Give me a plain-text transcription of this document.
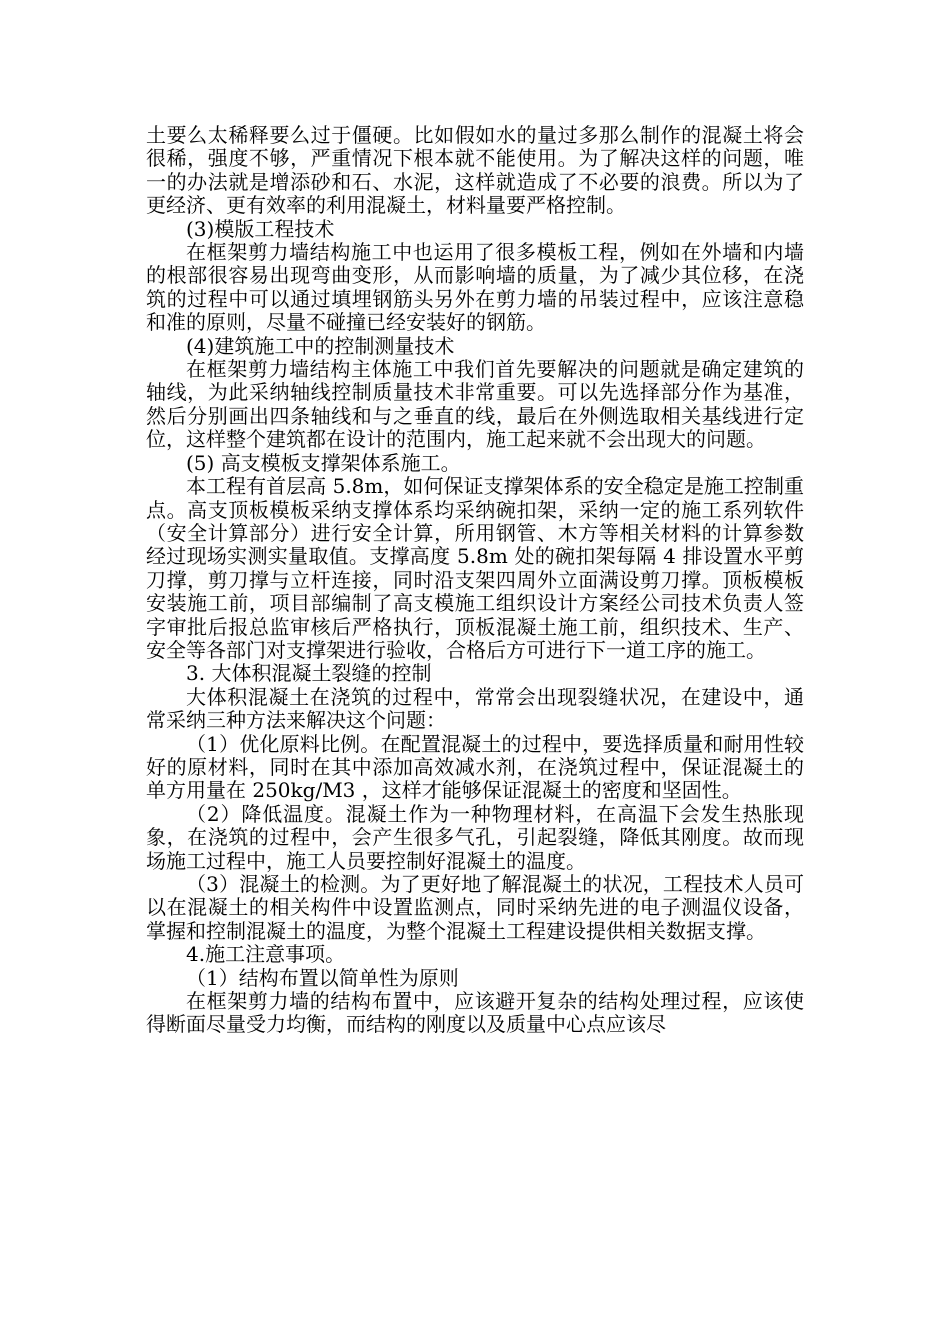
土要么太稀释要么过于僵硬。比如假如水的量过多那么制作的混凝土将会很稀，强度不够，严重情况下根本就不能使用。为了解决这样的问题，唯一的办法就是增添砂和石、水泥，这样就造成了不必要的浪费。所以为了更经济、更有效率的利用混凝土，材料量要严格控制。

(3)模版工程技术

在框架剪力墙结构施工中也运用了很多模板工程，例如在外墙和内墙的根部很容易出现弯曲变形，从而影响墙的质量，为了减少其位移，在浇筑的过程中可以通过填埋钢筋头另外在剪力墙的吊装过程中，应该注意稳和准的原则，尽量不碰撞已经安装好的钢筋。

(4)建筑施工中的控制测量技术

在框架剪力墙结构主体施工中我们首先要解决的问题就是确定建筑的轴线，为此采纳轴线控制质量技术非常重要。可以先选择部分作为基准，然后分别画出四条轴线和与之垂直的线，最后在外侧选取相关基线进行定位，这样整个建筑都在设计的范围内，施工起来就不会出现大的问题。

(5) 高支模板支撑架体系施工。

本工程有首层高 5.8m，如何保证支撑架体系的安全稳定是施工控制重点。高支顶板模板采纳支撑体系均采纳碗扣架，采纳一定的施工系列软件（安全计算部分）进行安全计算，所用钢管、木方等相关材料的计算参数经过现场实测实量取值。支撑高度 5.8m 处的碗扣架每隔 4 排设置水平剪刀撑，剪刀撑与立杆连接，同时沿支架四周外立面满设剪刀撑。顶板模板安装施工前，项目部编制了高支模施工组织设计方案经公司技术负责人签字审批后报总监审核后严格执行，顶板混凝土施工前，组织技术、生产、安全等各部门对支撑架进行验收，合格后方可进行下一道工序的施工。

3. 大体积混凝土裂缝的控制

大体积混凝土在浇筑的过程中，常常会出现裂缝状况，在建设中，通常采纳三种方法来解决这个问题：

（1）优化原料比例。在配置混凝土的过程中，要选择质量和耐用性较好的原材料，同时在其中添加高效减水剂，在浇筑过程中，保证混凝土的单方用量在 250kg/M3 ，这样才能够保证混凝土的密度和坚固性。

（2）降低温度。混凝土作为一种物理材料，在高温下会发生热胀现象，在浇筑的过程中，会产生很多气孔，引起裂缝，降低其刚度。故而现场施工过程中，施工人员要控制好混凝土的温度。

（3）混凝土的检测。为了更好地了解混凝土的状况，工程技术人员可以在混凝土的相关构件中设置监测点，同时采纳先进的电子测温仪设备，掌握和控制混凝土的温度，为整个混凝土工程建设提供相关数据支撑。

4.施工注意事项。

（1）结构布置以简单性为原则

在框架剪力墙的结构布置中，应该避开复杂的结构处理过程，应该使得断面尽量受力均衡，而结构的刚度以及质量中心点应该尽
